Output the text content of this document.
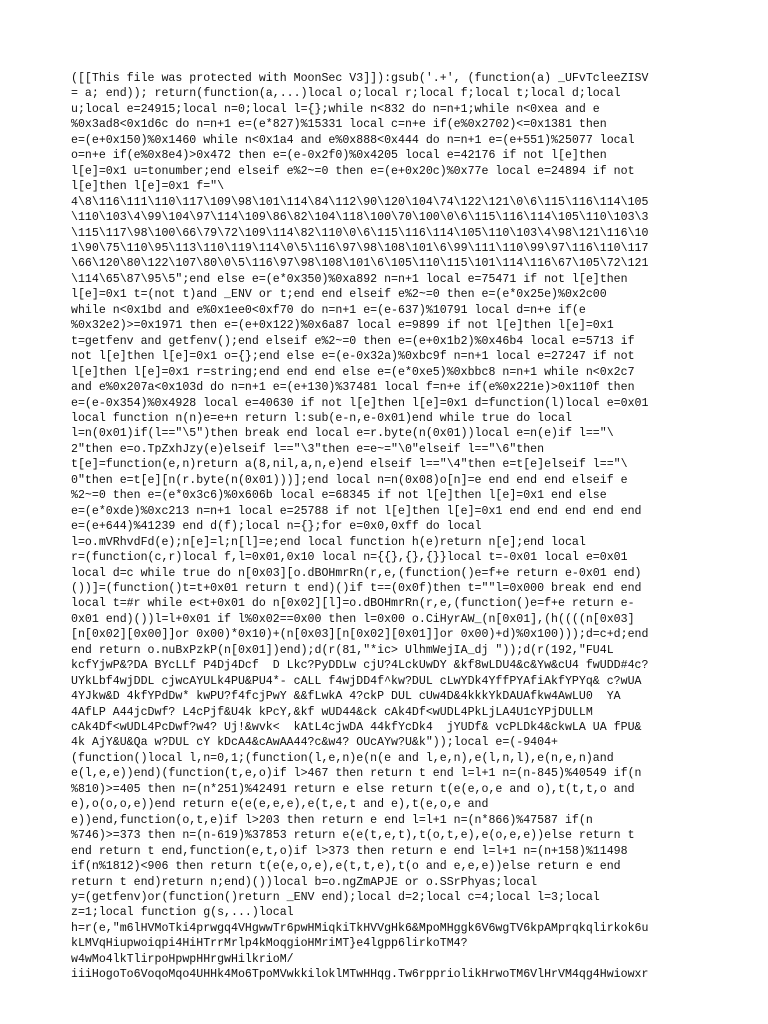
([[This file was protected with MoonSec V3]]):gsub('.+', (function(a) _UFvTcleeZISV
= a; end)); return(function(a,...)local o;local r;local f;local t;local d;local
u;local e=24915;local n=0;local l={};while n<832 do n=n+1;while n<0xea and e
%0x3ad8<0x1d6c do n=n+1 e=(e*827)%15331 local c=n+e if(e%0x2702)<=0x1381 then
e=(e+0x150)%0x1460 while n<0x1a4 and e%0x888<0x444 do n=n+1 e=(e+551)%25077 local
o=n+e if(e%0x8e4)>0x472 then e=(e-0x2f0)%0x4205 local e=42176 if not l[e]then
l[e]=0x1 u=tonumber;end elseif e%2~=0 then e=(e+0x20c)%0x77e local e=24894 if not
l[e]then l[e]=0x1 f="\
4\8\116\111\110\117\109\98\101\114\84\112\90\120\104\74\122\121\0\6\115\116\114\105
\110\103\4\99\104\97\114\109\86\82\104\118\100\70\100\0\6\115\116\114\105\110\103\3
\115\117\98\100\66\79\72\109\114\82\110\0\6\115\116\114\105\110\103\4\98\121\116\10
1\90\75\110\95\113\110\119\114\0\5\116\97\98\108\101\6\99\111\110\99\97\116\110\117
\66\120\80\122\107\80\0\5\116\97\98\108\101\6\105\110\115\101\114\116\67\105\72\121
\114\65\87\95\5";end else e=(e*0x350)%0xa892 n=n+1 local e=75471 if not l[e]then
l[e]=0x1 t=(not t)and _ENV or t;end end elseif e%2~=0 then e=(e*0x25e)%0x2c00
while n<0x1bd and e%0x1ee0<0xf70 do n=n+1 e=(e-637)%10791 local d=n+e if(e
%0x32e2)>=0x1971 then e=(e+0x122)%0x6a87 local e=9899 if not l[e]then l[e]=0x1
t=getfenv and getfenv();end elseif e%2~=0 then e=(e+0x1b2)%0x46b4 local e=5713 if
not l[e]then l[e]=0x1 o={};end else e=(e-0x32a)%0xbc9f n=n+1 local e=27247 if not
l[e]then l[e]=0x1 r=string;end end end else e=(e*0xe5)%0xbbc8 n=n+1 while n<0x2c7
and e%0x207a<0x103d do n=n+1 e=(e+130)%37481 local f=n+e if(e%0x221e)>0x110f then
e=(e-0x354)%0x4928 local e=40630 if not l[e]then l[e]=0x1 d=function(l)local e=0x01
local function n(n)e=e+n return l:sub(e-n,e-0x01)end while true do local
l=n(0x01)if(l=="\5")then break end local e=r.byte(n(0x01))local e=n(e)if l=="\
2"then e=o.TpZxhJzy(e)elseif l=="\3"then e=e~="\0"elseif l=="\6"then
t[e]=function(e,n)return a(8,nil,a,n,e)end elseif l=="\4"then e=t[e]elseif l=="\
0"then e=t[e][n(r.byte(n(0x01)))];end local n=n(0x08)o[n]=e end end end elseif e
%2~=0 then e=(e*0x3c6)%0x606b local e=68345 if not l[e]then l[e]=0x1 end else
e=(e*0xde)%0xc213 n=n+1 local e=25788 if not l[e]then l[e]=0x1 end end end end end
e=(e+644)%41239 end d(f);local n={};for e=0x0,0xff do local
l=o.mVRhvdFd(e);n[e]=l;n[l]=e;end local function h(e)return n[e];end local
r=(function(c,r)local f,l=0x01,0x10 local n={{},{},{}}local t=-0x01 local e=0x01
local d=c while true do n[0x03][o.dBOHmrRn(r,e,(function()e=f+e return e-0x01 end)
())]=(function()t=t+0x01 return t end)()if t==(0x0f)then t=""l=0x000 break end end
local t=#r while e<t+0x01 do n[0x02][l]=o.dBOHmrRn(r,e,(function()e=f+e return e-
0x01 end)())l=l+0x01 if l%0x02==0x00 then l=0x00 o.CiHyrAW_(n[0x01],(h((((n[0x03]
[n[0x02][0x00]]or 0x00)*0x10)+(n[0x03][n[0x02][0x01]]or 0x00)+d)%0x100)));d=c+d;end
end return o.nuBxPzkP(n[0x01])end);d(r(81,"*ic> UlhmWejIA_dj "));d(r(192,"FU4L
kcfYjwP&?DA BYcLLf P4Dj4Dcf  D Lkc?PyDDLw cjU?4LckUwDY &kf8wLDU4&c&Yw&cU4 fwUDD#4c?
UYkLbf4wjDDL cjwcAYULk4PU&PU4*- cALL f4wjDD4f^kw?DUL cLwYDk4YffPYAfiAkfYPYq& c?wUA
4YJkw&D 4kfYPdDw* kwPU?f4fcjPwY &&fLwkA 4?ckP DUL cUw4D&4kkkYkDAUAfkw4AwLU0  YA
4AfLP A44jcDwf? L4cPjf&U4k kPcY,&kf wUD44&ck cAk4Df<wUDL4PkLjLA4U1cYPjDULLM
cAk4Df<wUDL4PcDwf?w4? Uj!&wvk<  kAtL4cjwDA 44kfYcDk4  jYUDf& vcPLDk4&ckwLA UA fPU&
4k AjY&U&Qa w?DUL cY kDcA4&cAwAA44?c&w4? OUcAYw?U&k"));local e=(-9404+
(function()local l,n=0,1;(function(l,e,n)e(n(e and l,e,n),e(l,n,l),e(n,e,n)and
e(l,e,e))end)(function(t,e,o)if l>467 then return t end l=l+1 n=(n-845)%40549 if(n
%810)>=405 then n=(n*251)%42491 return e else return t(e(e,o,e and o),t(t,t,o and
e),o(o,o,e))end return e(e(e,e,e),e(t,e,t and e),t(e,o,e and
e))end,function(o,t,e)if l>203 then return e end l=l+1 n=(n*866)%47587 if(n
%746)>=373 then n=(n-619)%37853 return e(e(t,e,t),t(o,t,e),e(o,e,e))else return t
end return t end,function(e,t,o)if l>373 then return e end l=l+1 n=(n+158)%11498
if(n%1812)<906 then return t(e(e,o,e),e(t,t,e),t(o and e,e,e))else return e end
return t end)return n;end)())local b=o.ngZmAPJE or o.SSrPhyas;local
y=(getfenv)or(function()return _ENV end);local d=2;local c=4;local l=3;local
z=1;local function g(s,...)local
h=r(e,"m6lHVMoTki4prwgq4VHgwwTr6pwHMiqkiTkHVVgHk6&MpoMHggk6V6wgTV6kpAMprqkqlirkok6u
kLMVqHiupwoiqpi4HiHTrrMrlp4kMoqgioHMriMT}e4lgpp6lirkoTM4?
w4wMo4lkTlirpoHpwpHHrgwHilkrioM/
iiiHogoTo6VoqoMqo4UHHk4Mo6TpoMVwkkiloklMTwHHqg.Tw6rppriolikHrwoTM6VlHrVM4qg4Hwiowxr
